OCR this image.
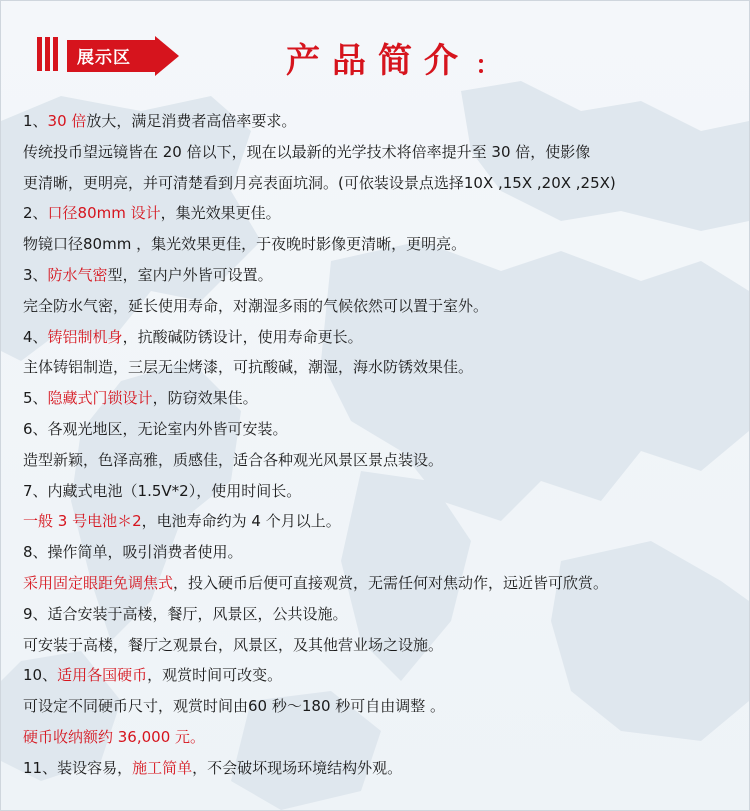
展示区	产品简介
1、30 倍放大，满足消费者高倍率要求。
传统投币望远镜皆在 20 倍以下，现在以最新的光学技术将倍率提升至 30 倍，使影像
更清晰，更明亮，并可清楚看到月亮表面坑洞。(可依装设景点选择10X ,15X ,20X ,25X)
2、口径80mm 设计，集光效果更佳。
物镜口径80mm ，集光效果更佳，于夜晚时影像更清晰，更明亮。
3、防水气密型，室内户外皆可设置。
完全防水气密，延长使用寿命，对潮湿多雨的气候依然可以置于室外。
4、铸铝制机身，抗酸碱防锈设计，使用寿命更长。
主体铸铝制造，三层无尘烤漆，可抗酸碱，潮湿，海水防锈效果佳。
5、隐藏式门锁设计，防窃效果佳。
6、各观光地区，无论室内外皆可安装。
造型新颖，色泽高雅，质感佳，适合各种观光风景区景点装设。
7、内藏式电池（1.5V*2），使用时间长。
一般 3 号电池＊2，电池寿命约为 4 个月以上。
8、操作简单，吸引消费者使用。
采用固定眼距免调焦式，投入硬币后便可直接观赏，无需任何对焦动作，远近皆可欣赏。
9、适合安装于高楼，餐厅，风景区，公共设施。
可安装于高楼，餐厅之观景台，风景区，及其他营业场之设施。
10、适用各国硬币，观赏时间可改变。
可设定不同硬币尺寸，观赏时间由60 秒～180 秒可自由调整 。
硬币收纳额约 36,000 元。
11、装设容易，施工简单，不会破坏现场环境结构外观。
